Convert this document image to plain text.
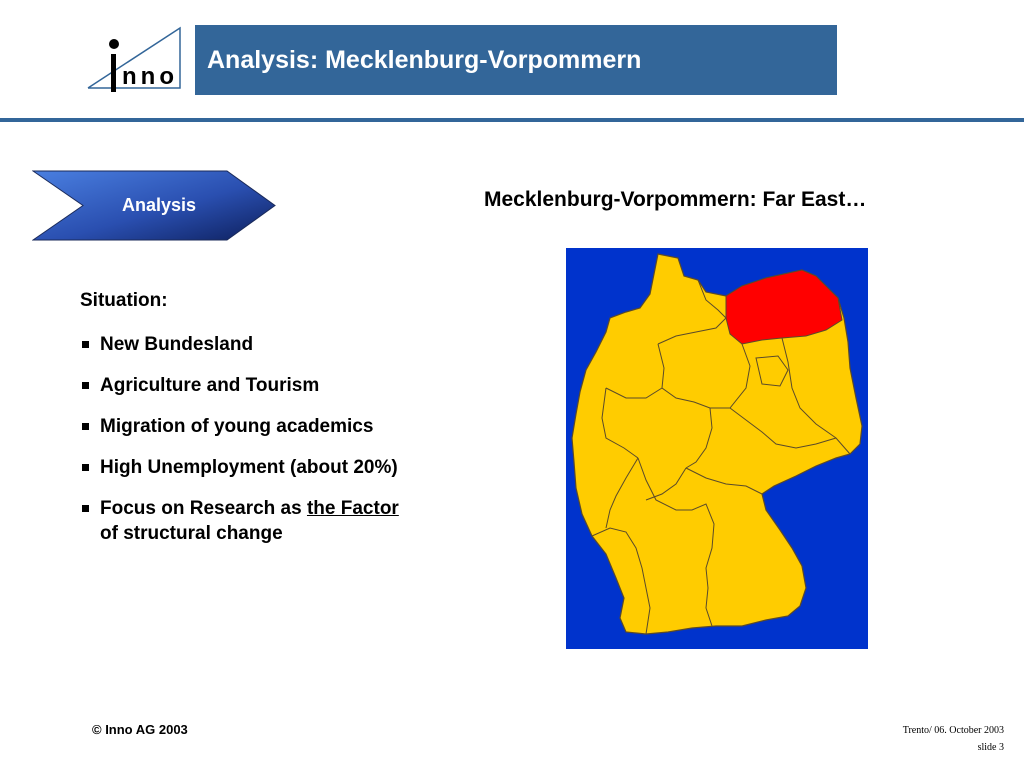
nno
Analysis: Mecklenburg-Vorpommern
Analysis
Situation:
New Bundesland
Agriculture and Tourism
Migration of young academics
High Unemployment (about 20%)
Focus on Research as the Factor
of structural change
Mecklenburg-Vorpommern: Far East…
© Inno AG 2003	Trento/ 06. October 2003
slide 3
